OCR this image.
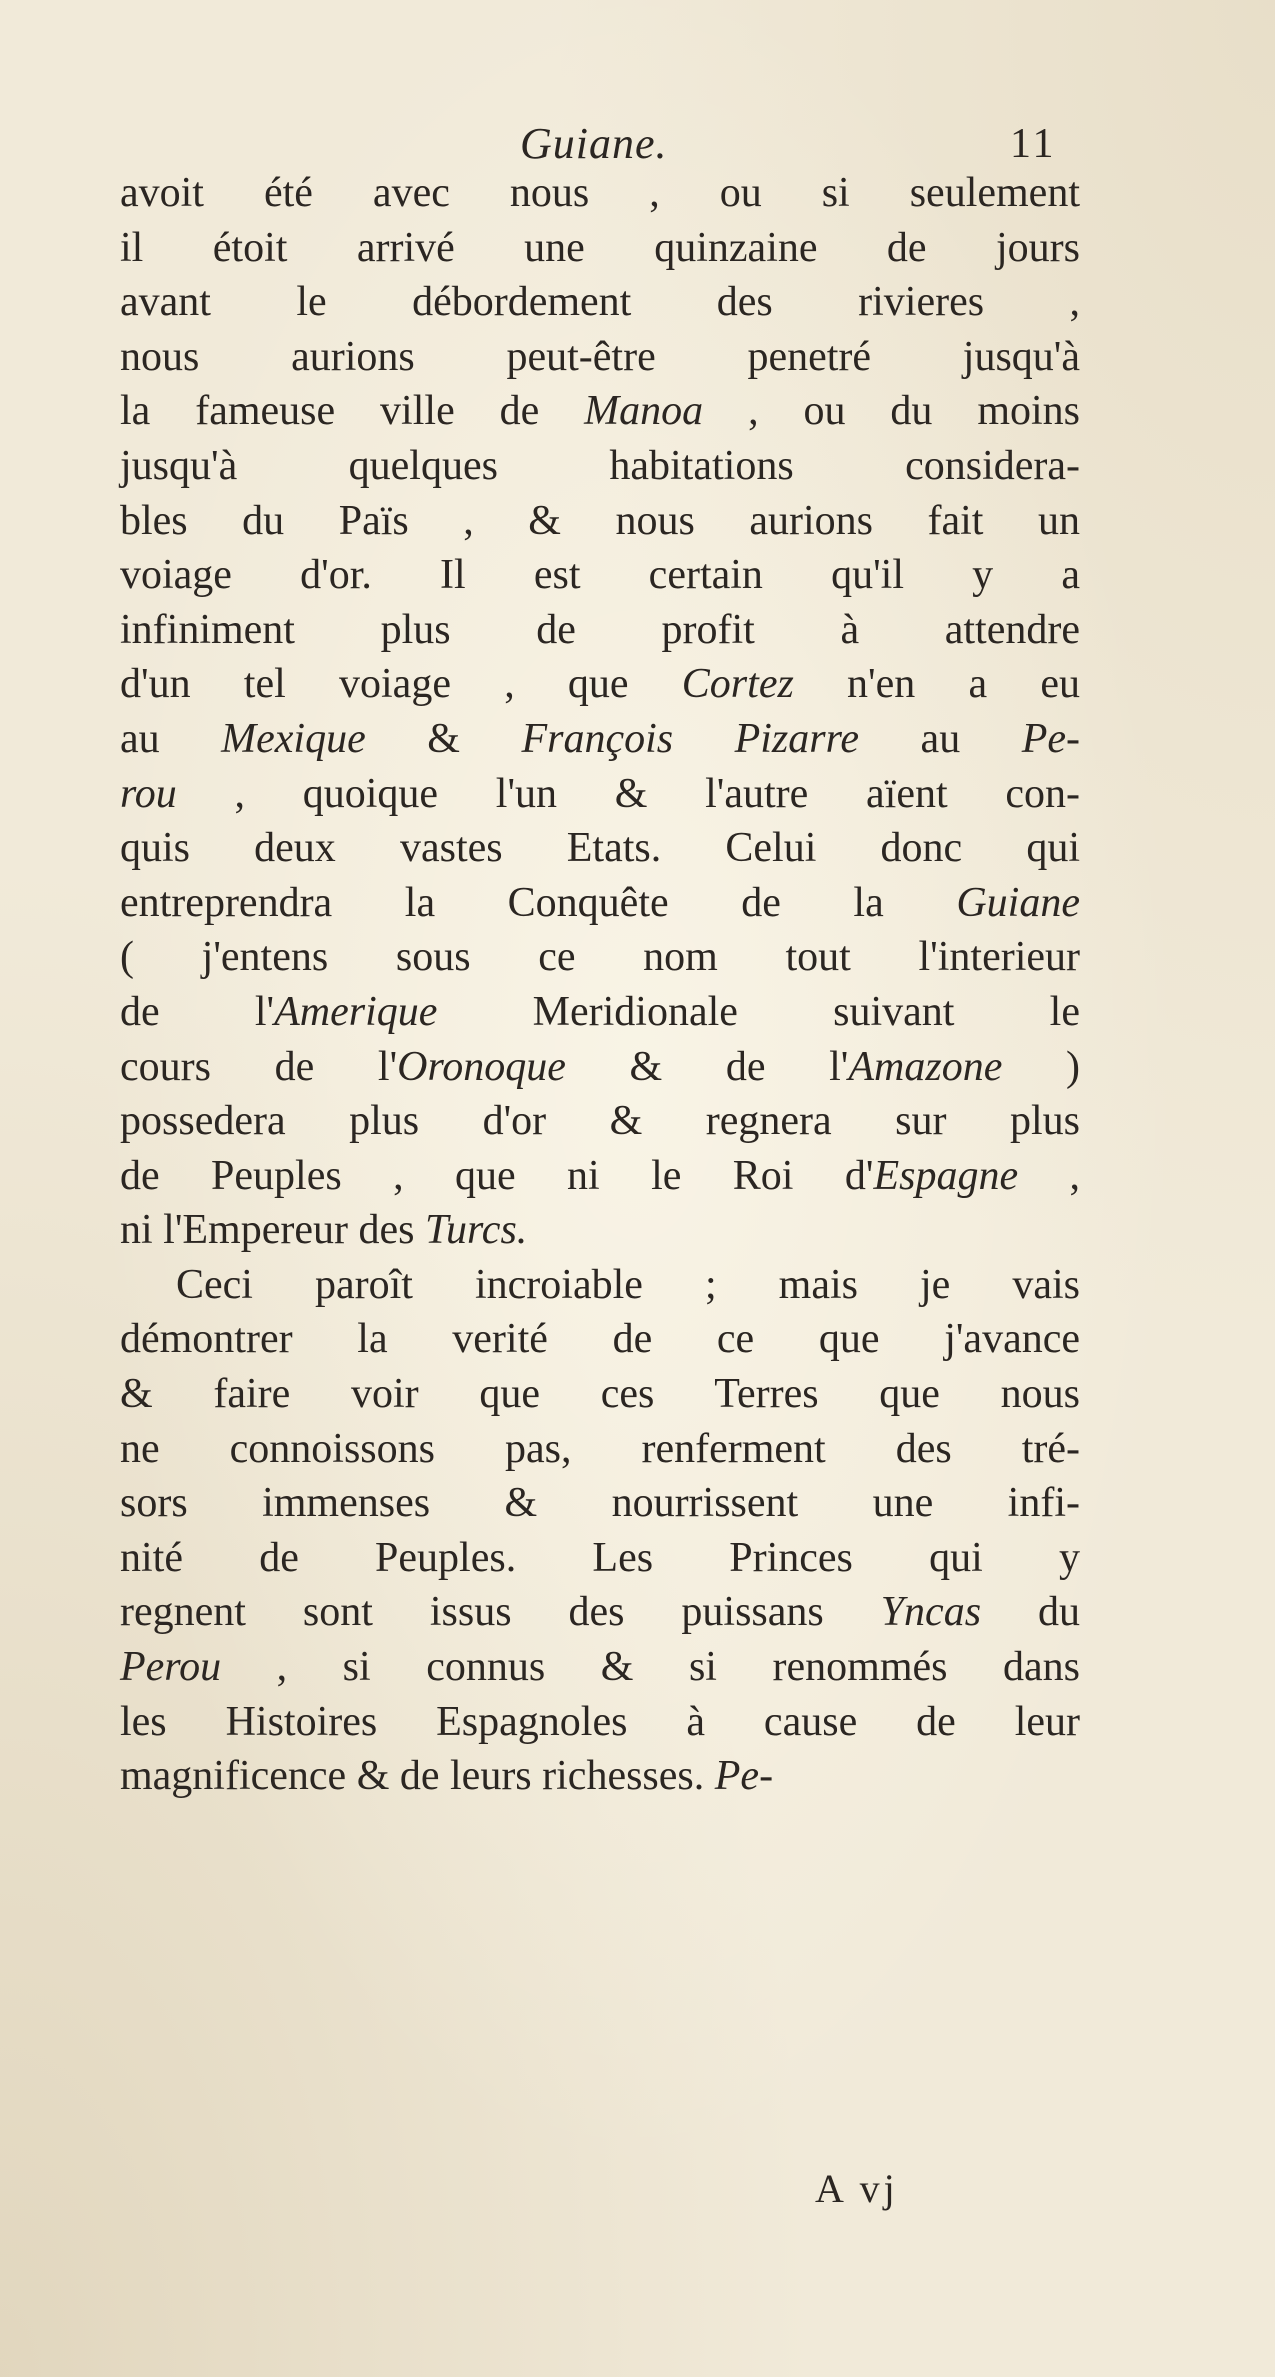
Guiane.	11
avoit été avec nous , ou si seulement
il étoit arrivé une quinzaine de jours
avant le débordement des rivieres ,
nous aurions peut-être penetré jusqu'à
la fameuse ville de Manoa , ou du moins
jusqu'à quelques habitations considera-
bles du Païs , & nous aurions fait un
voiage d'or. Il est certain qu'il y a
infiniment plus de profit à attendre
d'un tel voiage , que Cortez n'en a eu
au Mexique & François Pizarre au Pe-
rou , quoique l'un & l'autre aïent con-
quis deux vastes Etats. Celui donc qui
entreprendra la Conquête de la Guiane
( j'entens sous ce nom tout l'interieur
de l'Amerique Meridionale suivant le
cours de l'Oronoque & de l'Amazone )
possedera plus d'or & regnera sur plus
de Peuples , que ni le Roi d'Espagne ,
ni l'Empereur des Turcs.
Ceci paroît incroiable ; mais je vais
démontrer la verité de ce que j'avance
& faire voir que ces Terres que nous
ne connoissons pas, renferment des tré-
sors immenses & nourrissent une infi-
nité de Peuples. Les Princes qui y
regnent sont issus des puissans Yncas du
Perou , si connus & si renommés dans
les Histoires Espagnoles à cause de leur
magnificence & de leurs richesses. Pe-
A vj
